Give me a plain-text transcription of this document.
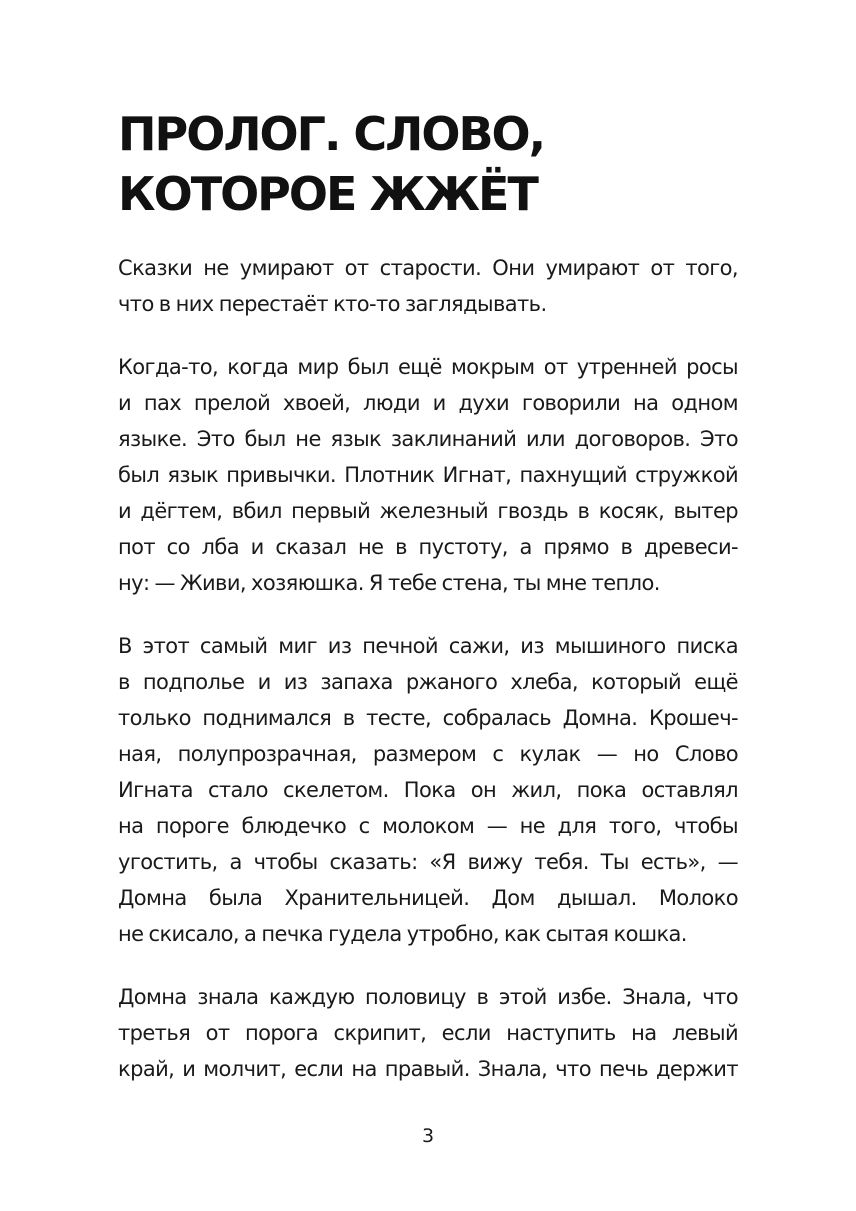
ПРОЛОГ. СЛОВО,
КОТОРОЕ ЖЖЁТ

Сказки не умирают от старости. Они умирают от того,
что в них перестаёт кто-то заглядывать.

Когда-то, когда мир был ещё мокрым от утренней росы
и пах прелой хвоей, люди и духи говорили на одном
языке. Это был не язык заклинаний или договоров. Это
был язык привычки. Плотник Игнат, пахнущий стружкой
и дёгтем, вбил первый железный гвоздь в косяк, вытер
пот со лба и сказал не в пустоту, а прямо в древеси-
ну: — Живи, хозяюшка. Я тебе стена, ты мне тепло.

В этот самый миг из печной сажи, из мышиного писка
в подполье и из запаха ржаного хлеба, который ещё
только поднимался в тесте, собралась Домна. Крошеч-
ная, полупрозрачная, размером с кулак — но Слово
Игната стало скелетом. Пока он жил, пока оставлял
на пороге блюдечко с молоком — не для того, чтобы
угостить, а чтобы сказать: «Я вижу тебя. Ты есть», —
Домна была Хранительницей. Дом дышал. Молоко
не скисало, а печка гудела утробно, как сытая кошка.

Домна знала каждую половицу в этой избе. Знала, что
третья от порога скрипит, если наступить на левый
край, и молчит, если на правый. Знала, что печь держит

3
